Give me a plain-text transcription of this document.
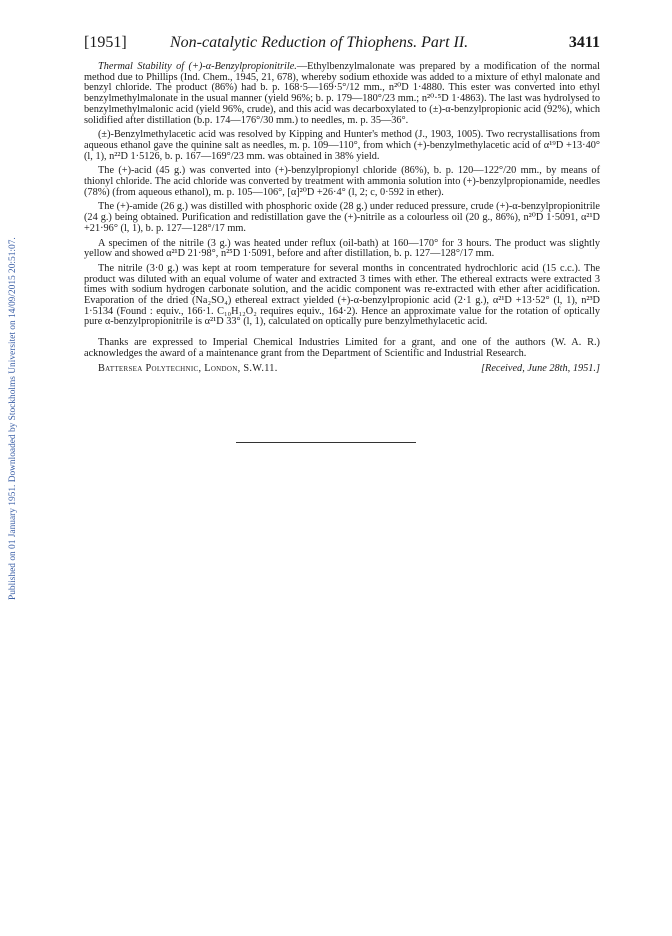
Published on 01 January 1951. Downloaded by Stockholms Universitet on 14/09/2015 20:51:07.
[1951]	Non-catalytic Reduction of Thiophens. Part II.	3411

Thermal Stability of (+)-α-Benzylpropionitrile.—Ethylbenzylmalonate was prepared by a modification of the normal method due to Phillips (Ind. Chem., 1945, 21, 678), whereby sodium ethoxide was added to a mixture of ethyl malonate and benzyl chloride. The product (86%) had b. p. 168·5—169·5°/12 mm., n²⁰D 1·4880. This ester was converted into ethyl benzylmethylmalonate in the usual manner (yield 96%; b. p. 179—180°/23 mm.; n²⁰·⁵D 1·4863). The last was hydrolysed to benzylmethylmalonic acid (yield 96%, crude), and this acid was decarboxylated to (±)-α-benzylpropionic acid (92%), which solidified after distillation (b.p. 174—176°/30 mm.) to needles, m. p. 35—36°.

(±)-Benzylmethylacetic acid was resolved by Kipping and Hunter's method (J., 1903, 1005). Two recrystallisations from aqueous ethanol gave the quinine salt as needles, m. p. 109—110°, from which (+)-benzylmethylacetic acid of α¹⁹D +13·40° (l, 1), n²²D 1·5126, b. p. 167—169°/23 mm. was obtained in 38% yield.

The (+)-acid (45 g.) was converted into (+)-benzylpropionyl chloride (86%), b. p. 120—122°/20 mm., by means of thionyl chloride. The acid chloride was converted by treatment with ammonia solution into (+)-benzylpropionamide, needles (78%) (from aqueous ethanol), m. p. 105—106°, [α]²⁰D +26·4° (l, 2; c, 0·592 in ether).

The (+)-amide (26 g.) was distilled with phosphoric oxide (28 g.) under reduced pressure, crude (+)-α-benzylpropionitrile (24 g.) being obtained. Purification and redistillation gave the (+)-nitrile as a colourless oil (20 g., 86%), n²⁰D 1·5091, α²¹D +21·96° (l, 1), b. p. 127—128°/17 mm.

A specimen of the nitrile (3 g.) was heated under reflux (oil-bath) at 160—170° for 3 hours. The product was slightly yellow and showed α²¹D 21·98°, n²⁵D 1·5091, before and after distillation, b. p. 127—128°/17 mm.

The nitrile (3·0 g.) was kept at room temperature for several months in concentrated hydrochloric acid (15 c.c.). The product was diluted with an equal volume of water and extracted 3 times with ether. The ethereal extracts were extracted 3 times with sodium hydrogen carbonate solution, and the acidic component was re-extracted with ether after acidification. Evaporation of the dried (Na₂SO₄) ethereal extract yielded (+)-α-benzylpropionic acid (2·1 g.), α²¹D +13·52° (l, 1), n²³D 1·5134 (Found : equiv., 166·1. C₁₀H₁₂O₂ requires equiv., 164·2). Hence an approximate value for the rotation of optically pure α-benzylpropionitrile is α²¹D 33° (l, 1), calculated on optically pure benzylmethylacetic acid.

Thanks are expressed to Imperial Chemical Industries Limited for a grant, and one of the authors (W. A. R.) acknowledges the award of a maintenance grant from the Department of Scientific and Industrial Research.

Battersea Polytechnic, London, S.W.11.	[Received, June 28th, 1951.]
